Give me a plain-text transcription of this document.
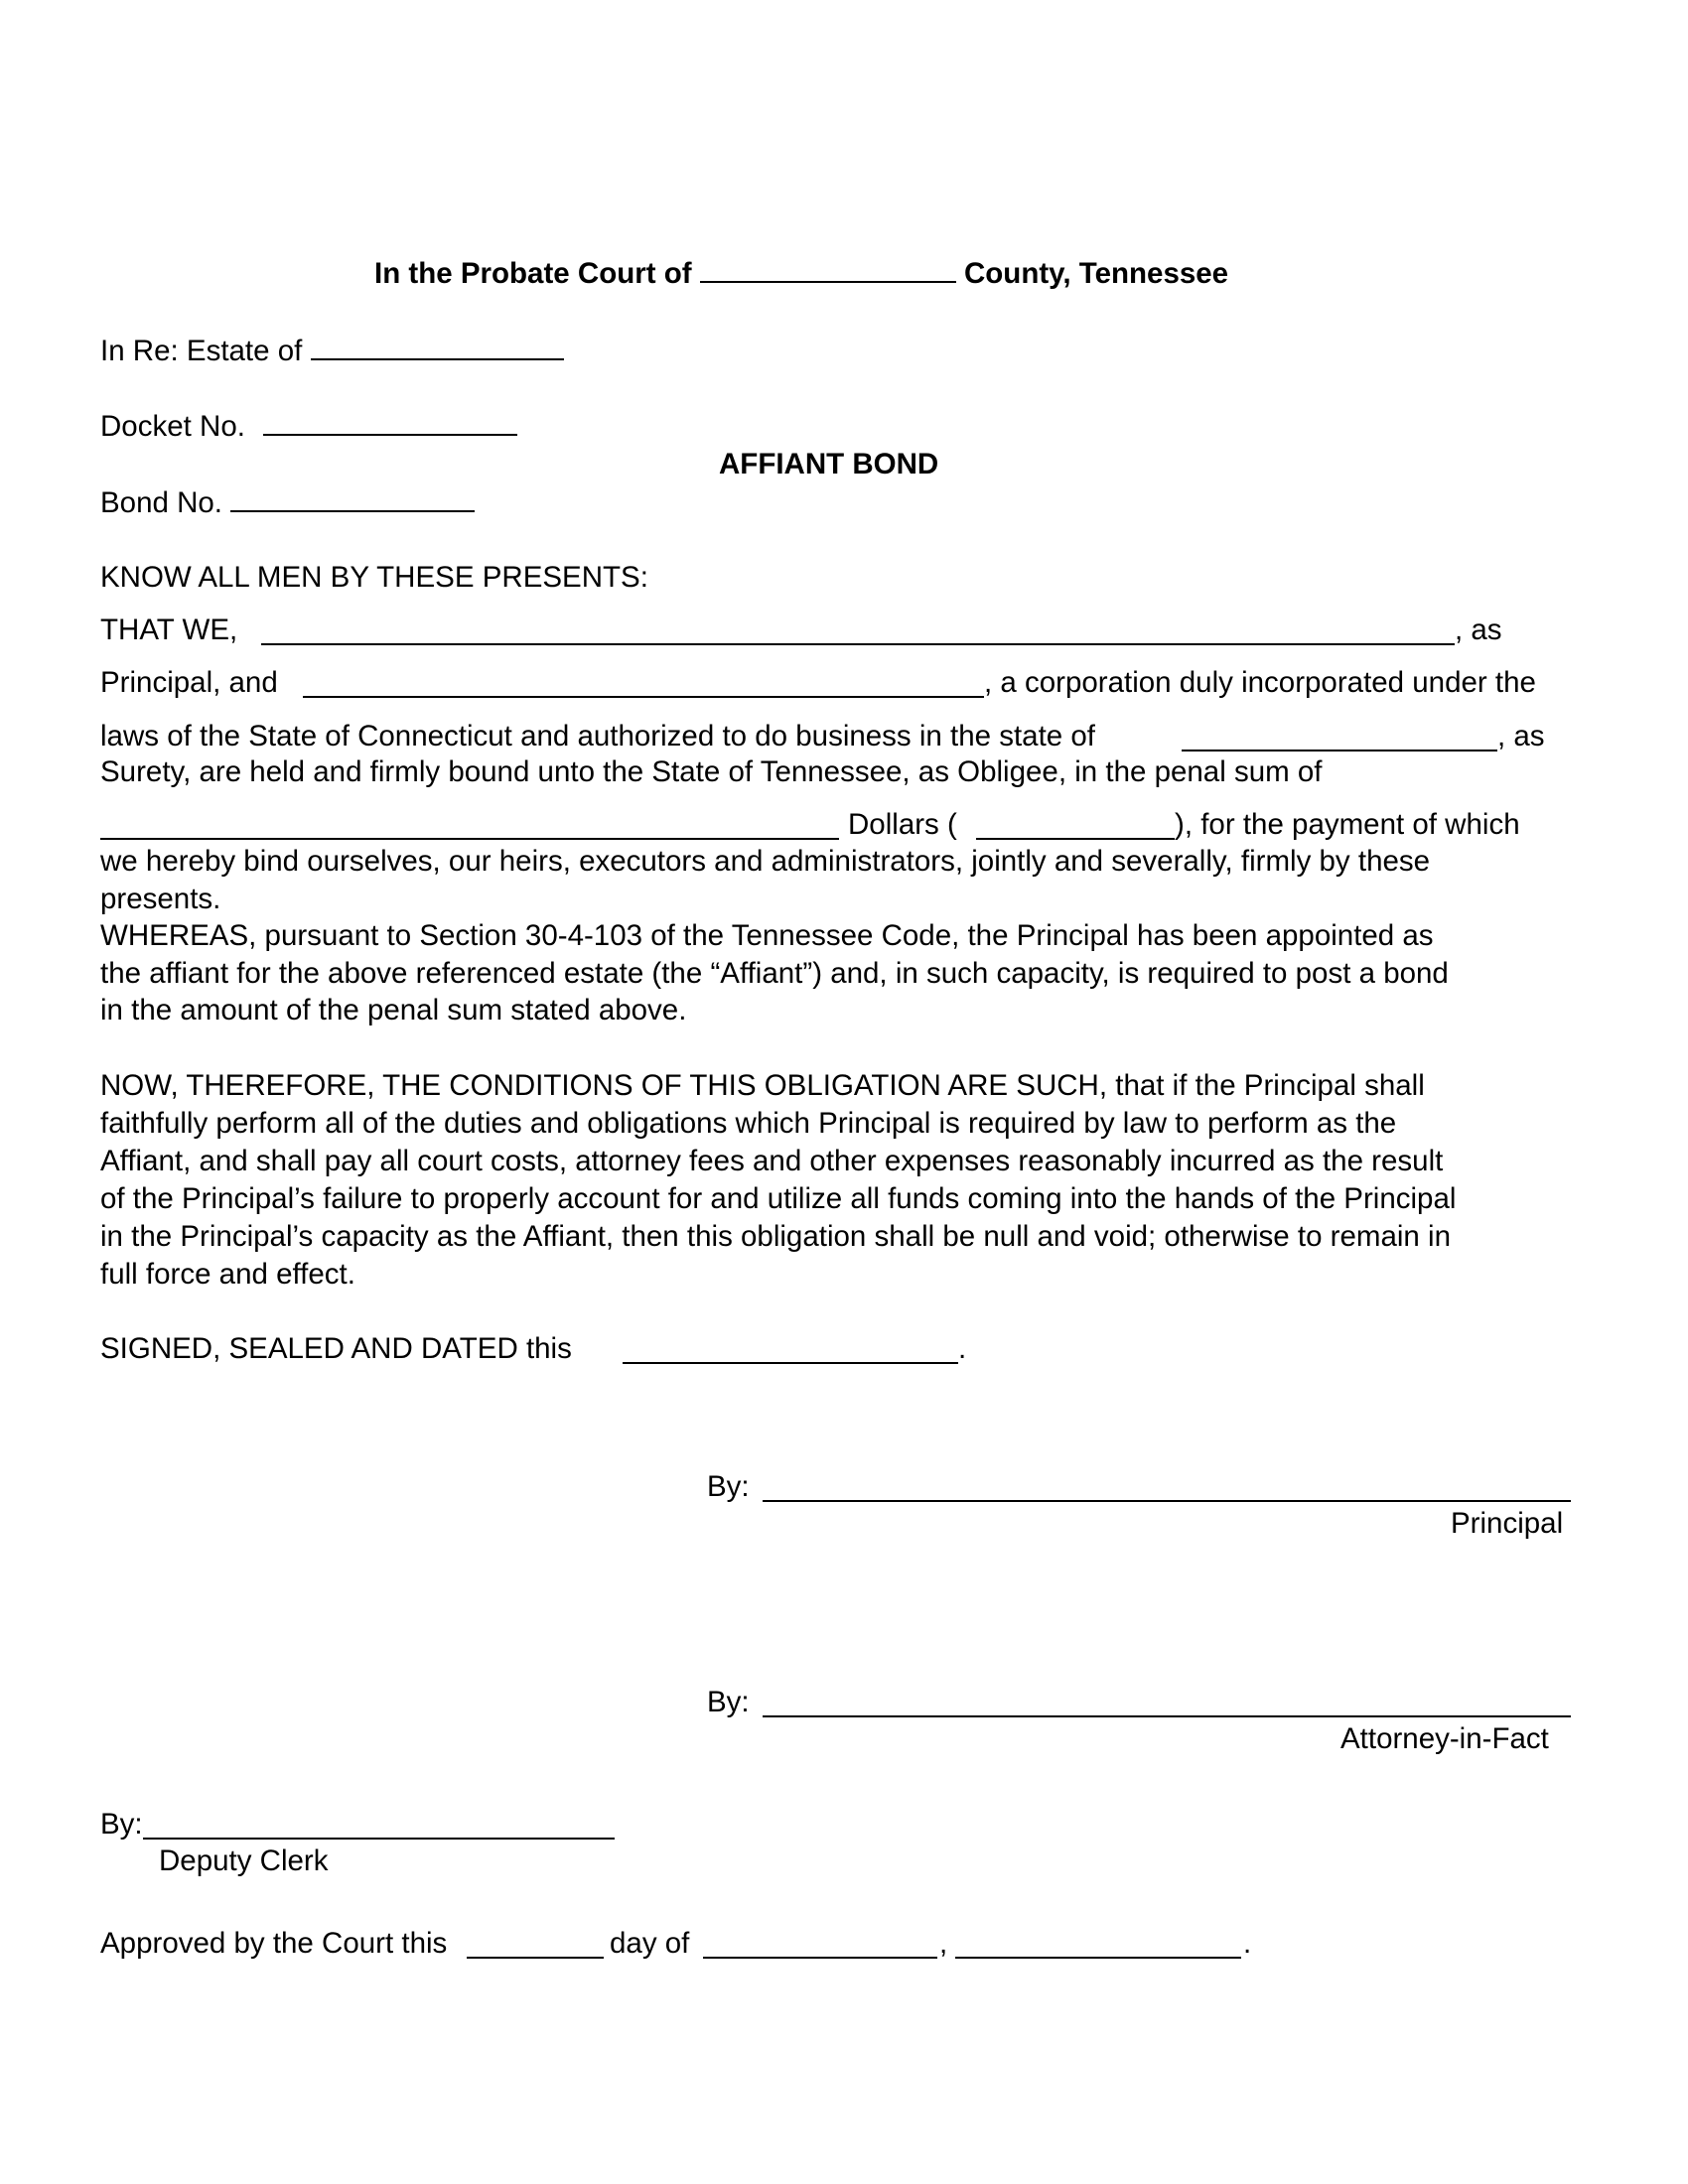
In the Probate Court of	County, Tennessee
In Re: Estate of
Docket No.
AFFIANT BOND
Bond No.
KNOW ALL MEN BY THESE PRESENTS:
THAT WE,	, as
Principal, and	, a corporation duly incorporated under the
laws of the State of Connecticut and authorized to do business in the state of	, as
Surety, are held and firmly bound unto the State of Tennessee, as Obligee, in the penal sum of
Dollars (	), for the payment of which
we hereby bind ourselves, our heirs, executors and administrators, jointly and severally, firmly by these
presents.
WHEREAS, pursuant to Section 30-4-103 of the Tennessee Code, the Principal has been appointed as
the affiant for the above referenced estate (the “Affiant”) and, in such capacity, is required to post a bond
in the amount of the penal sum stated above.
NOW, THEREFORE, THE CONDITIONS OF THIS OBLIGATION ARE SUCH, that if the Principal shall
faithfully perform all of the duties and obligations which Principal is required by law to perform as the
Affiant, and shall pay all court costs, attorney fees and other expenses reasonably incurred as the result
of the Principal’s failure to properly account for and utilize all funds coming into the hands of the Principal
in the Principal’s capacity as the Affiant, then this obligation shall be null and void; otherwise to remain in
full force and effect.
SIGNED, SEALED AND DATED this	.
By:
Principal
By:
Attorney-in-Fact
By:
Deputy Clerk
Approved by the Court this	day of	,	.
